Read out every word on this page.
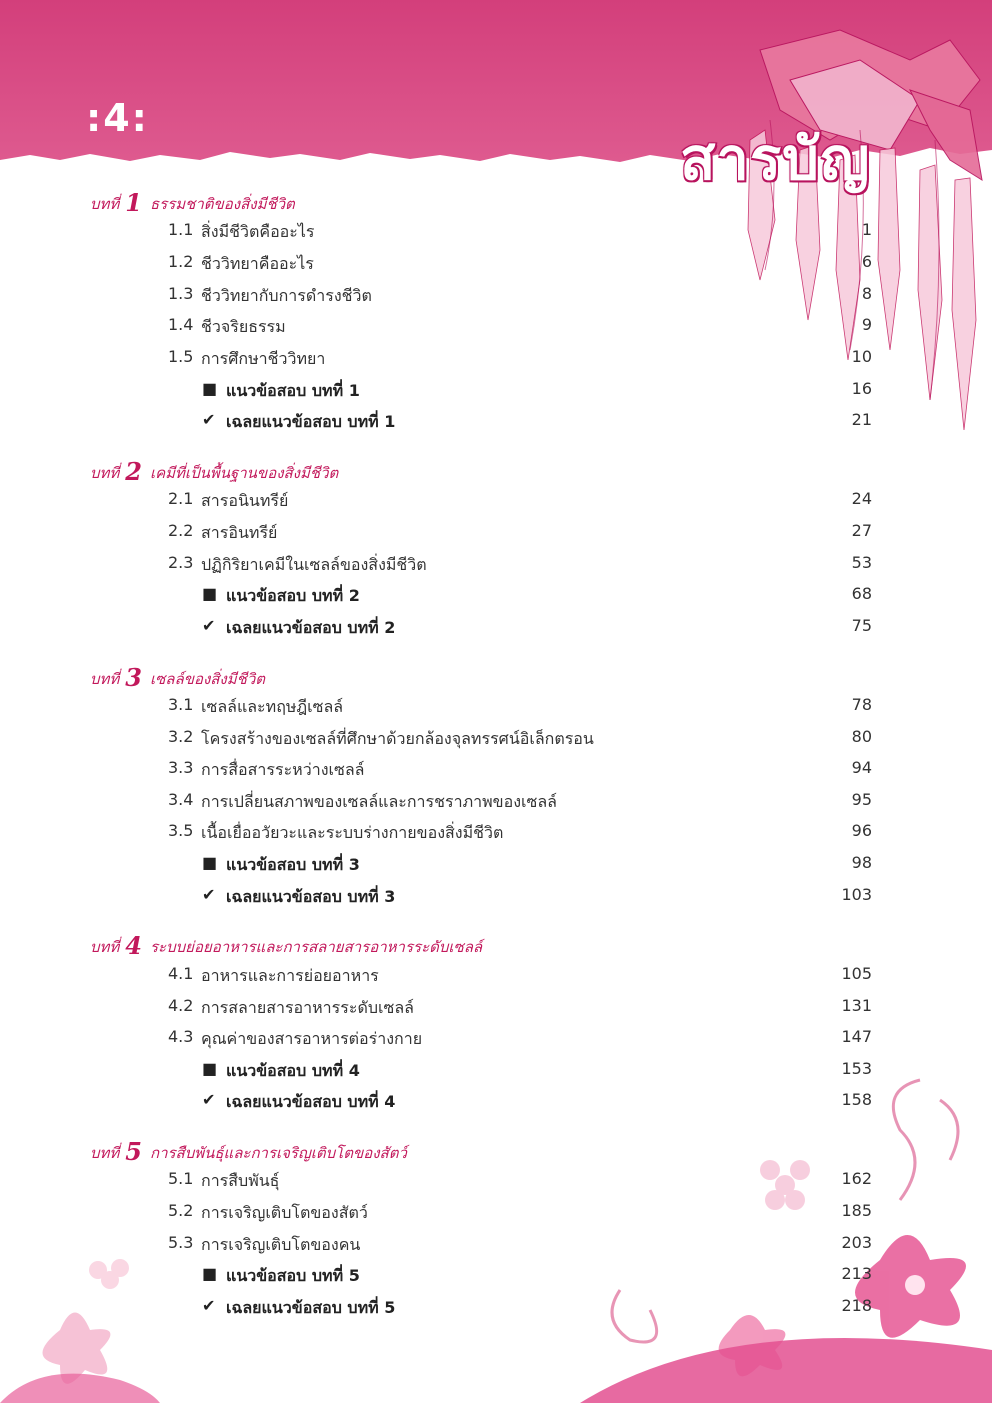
:4:
สารบัญ
บทที่ 1 ธรรมชาติของสิ่งมีชีวิต
1.1 สิ่งมีชีวิตคืออะไร	1
1.2 ชีววิทยาคืออะไร	6
1.3 ชีววิทยากับการดำรงชีวิต	8
1.4 ชีวจริยธรรม	9
1.5 การศึกษาชีววิทยา	10
■ แนวข้อสอบ บทที่ 1	16
✔ เฉลยแนวข้อสอบ บทที่ 1	21
บทที่ 2 เคมีที่เป็นพื้นฐานของสิ่งมีชีวิต
2.1 สารอนินทรีย์	24
2.2 สารอินทรีย์	27
2.3 ปฏิกิริยาเคมีในเซลล์ของสิ่งมีชีวิต	53
■ แนวข้อสอบ บทที่ 2	68
✔ เฉลยแนวข้อสอบ บทที่ 2	75
บทที่ 3 เซลล์ของสิ่งมีชีวิต
3.1 เซลล์และทฤษฎีเซลล์	78
3.2 โครงสร้างของเซลล์ที่ศึกษาด้วยกล้องจุลทรรศน์อิเล็กตรอน	80
3.3 การสื่อสารระหว่างเซลล์	94
3.4 การเปลี่ยนสภาพของเซลล์และการชราภาพของเซลล์	95
3.5 เนื้อเยื่ออวัยวะและระบบร่างกายของสิ่งมีชีวิต	96
■ แนวข้อสอบ บทที่ 3	98
✔ เฉลยแนวข้อสอบ บทที่ 3	103
บทที่ 4 ระบบย่อยอาหารและการสลายสารอาหารระดับเซลล์
4.1 อาหารและการย่อยอาหาร	105
4.2 การสลายสารอาหารระดับเซลล์	131
4.3 คุณค่าของสารอาหารต่อร่างกาย	147
■ แนวข้อสอบ บทที่ 4	153
✔ เฉลยแนวข้อสอบ บทที่ 4	158
บทที่ 5 การสืบพันธุ์และการเจริญเติบโตของสัตว์
5.1 การสืบพันธุ์	162
5.2 การเจริญเติบโตของสัตว์	185
5.3 การเจริญเติบโตของคน	203
■ แนวข้อสอบ บทที่ 5	213
✔ เฉลยแนวข้อสอบ บทที่ 5	218
